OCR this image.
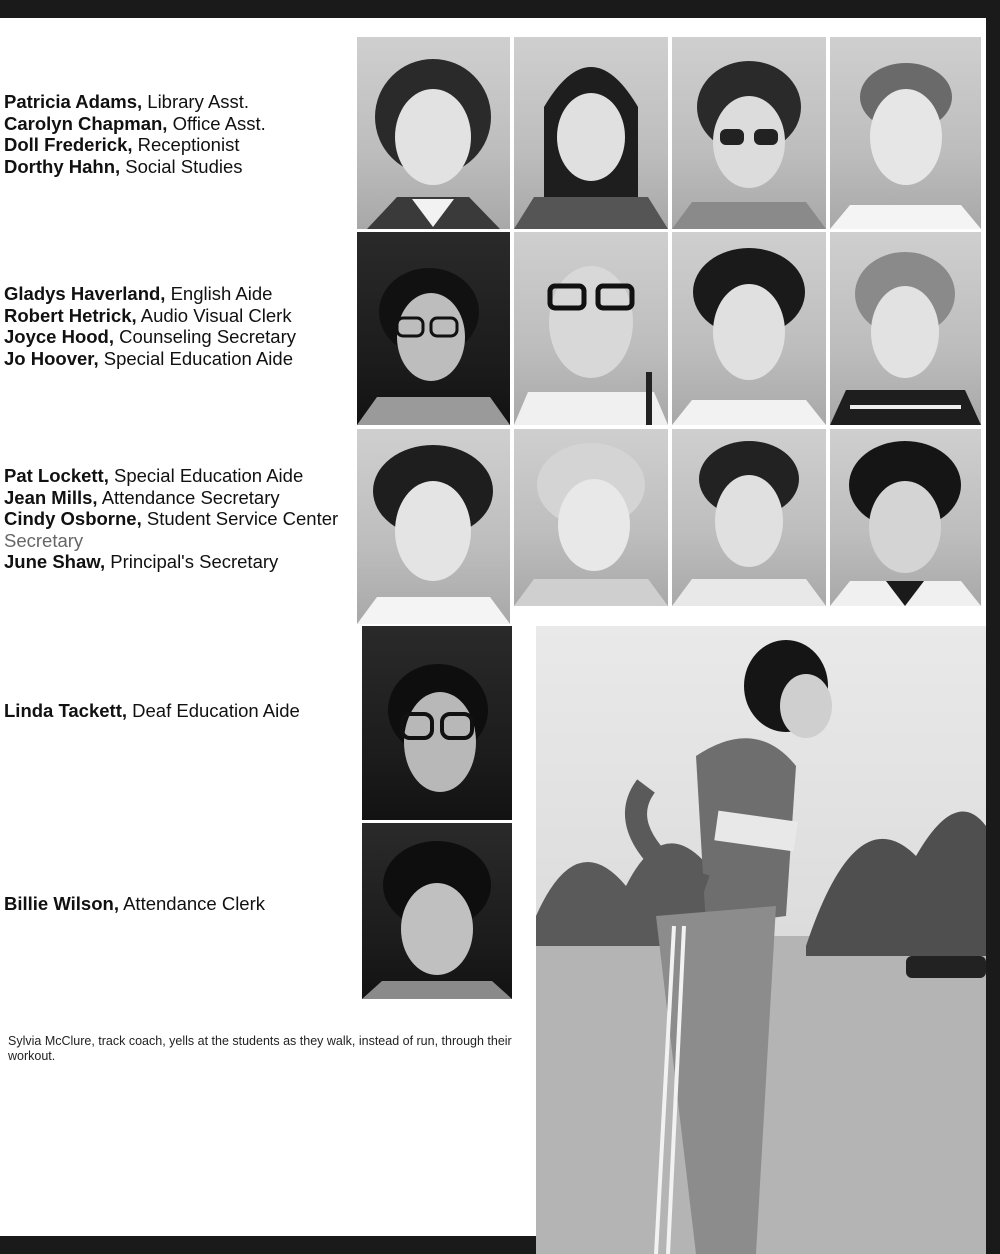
Patricia Adams, Library Asst.
Carolyn Chapman, Office Asst.
Doll Frederick, Receptionist
Dorthy Hahn, Social Studies
Gladys Haverland, English Aide
Robert Hetrick, Audio Visual Clerk
Joyce Hood, Counseling Secretary
Jo Hoover, Special Education Aide
Pat Lockett, Special Education Aide
Jean Mills, Attendance Secretary
Cindy Osborne, Student Service Center
Secretary
June Shaw, Principal's Secretary
Linda Tackett, Deaf Education Aide
Billie Wilson, Attendance Clerk
Sylvia McClure, track coach, yells at the students as they walk, instead of run, through their workout.
